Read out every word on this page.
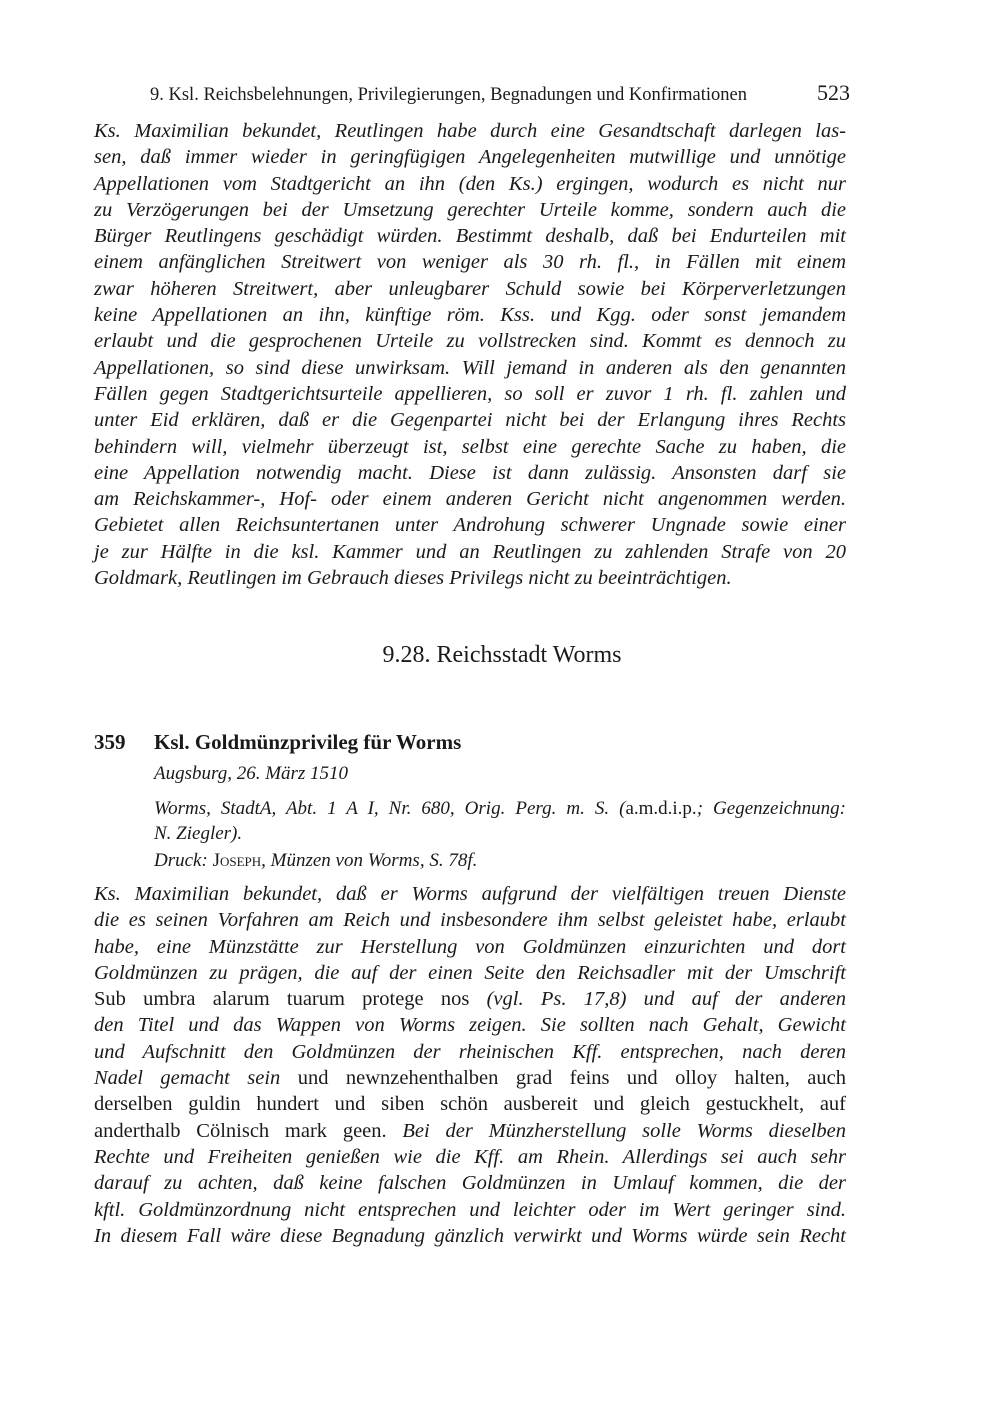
9. Ksl. Reichsbelehnungen, Privilegierungen, Begnadungen und Konfirmationen	523
Ks. Maximilian bekundet, Reutlingen habe durch eine Gesandtschaft darlegen las-
sen, daß immer wieder in geringfügigen Angelegenheiten mutwillige und unnötige
Appellationen vom Stadtgericht an ihn (den Ks.) ergingen, wodurch es nicht nur
zu Verzögerungen bei der Umsetzung gerechter Urteile komme, sondern auch die
Bürger Reutlingens geschädigt würden. Bestimmt deshalb, daß bei Endurteilen mit
einem anfänglichen Streitwert von weniger als 30 rh. fl., in Fällen mit einem
zwar höheren Streitwert, aber unleugbarer Schuld sowie bei Körperverletzungen
keine Appellationen an ihn, künftige röm. Kss. und Kgg. oder sonst jemandem
erlaubt und die gesprochenen Urteile zu vollstrecken sind. Kommt es dennoch zu
Appellationen, so sind diese unwirksam. Will jemand in anderen als den genannten
Fällen gegen Stadtgerichtsurteile appellieren, so soll er zuvor 1 rh. fl. zahlen und
unter Eid erklären, daß er die Gegenpartei nicht bei der Erlangung ihres Rechts
behindern will, vielmehr überzeugt ist, selbst eine gerechte Sache zu haben, die
eine Appellation notwendig macht. Diese ist dann zulässig. Ansonsten darf sie
am Reichskammer-, Hof- oder einem anderen Gericht nicht angenommen werden.
Gebietet allen Reichsuntertanen unter Androhung schwerer Ungnade sowie einer
je zur Hälfte in die ksl. Kammer und an Reutlingen zu zahlenden Strafe von 20
Goldmark, Reutlingen im Gebrauch dieses Privilegs nicht zu beeinträchtigen.
9.28. Reichsstadt Worms
359 Ksl. Goldmünzprivileg für Worms
Augsburg, 26. März 1510
Worms, StadtA, Abt. 1 A I, Nr. 680, Orig. Perg. m. S. (a.m.d.i.p.; Gegenzeichnung:
N. Ziegler).
Druck: Joseph, Münzen von Worms, S. 78f.
Ks. Maximilian bekundet, daß er Worms aufgrund der vielfältigen treuen Dienste
die es seinen Vorfahren am Reich und insbesondere ihm selbst geleistet habe, erlaubt
habe, eine Münzstätte zur Herstellung von Goldmünzen einzurichten und dort
Goldmünzen zu prägen, die auf der einen Seite den Reichsadler mit der Umschrift
Sub umbra alarum tuarum protege nos (vgl. Ps. 17,8) und auf der anderen
den Titel und das Wappen von Worms zeigen. Sie sollten nach Gehalt, Gewicht
und Aufschnitt den Goldmünzen der rheinischen Kff. entsprechen, nach deren
Nadel gemacht sein und newnzehenthalben grad feins und olloy halten, auch
derselben guldin hundert und siben schön ausbereit und gleich gestuckhelt, auf
anderthalb Cölnisch mark geen. Bei der Münzherstellung solle Worms dieselben
Rechte und Freiheiten genießen wie die Kff. am Rhein. Allerdings sei auch sehr
darauf zu achten, daß keine falschen Goldmünzen in Umlauf kommen, die der
kftl. Goldmünzordnung nicht entsprechen und leichter oder im Wert geringer sind.
In diesem Fall wäre diese Begnadung gänzlich verwirkt und Worms würde sein Recht
